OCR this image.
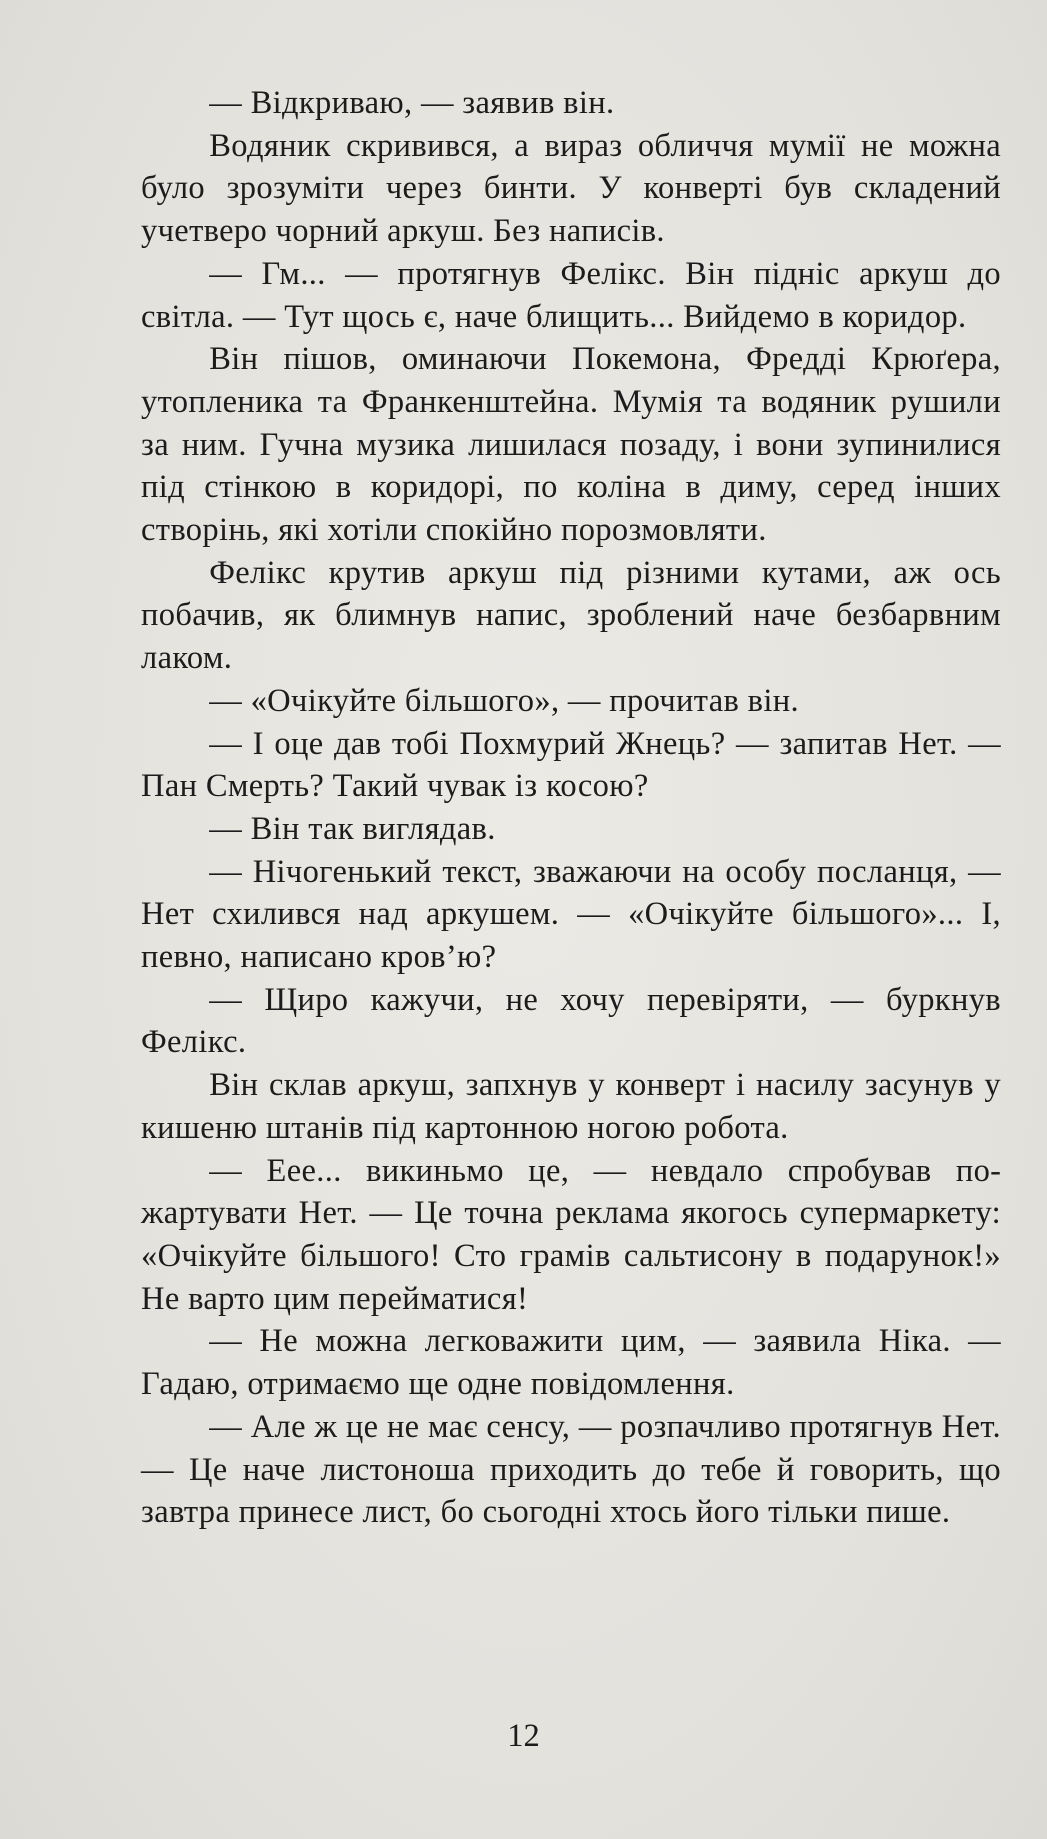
— Відкриваю, — заявив він.

Водяник скривився, а вираз обличчя мумії не можна було зрозуміти через бинти. У конверті був складений учетверо чорний аркуш. Без написів.

— Гм... — протягнув Фелікс. Він підніс аркуш до світла. — Тут щось є, наче блищить... Вийдемо в коридор.

Він пішов, оминаючи Покемона, Фредді Крюґера, утопленика та Франкенштейна. Мумія та водяник рушили за ним. Гучна музика лишилася позаду, і вони зупинилися під стінкою в коридорі, по коліна в диму, серед інших створінь, які хотіли спокійно порозмовляти.

Фелікс крутив аркуш під різними кутами, аж ось побачив, як блимнув напис, зроблений наче безбарвним лаком.

— «Очікуйте більшого», — прочитав він.

— І оце дав тобі Похмурий Жнець? — запитав Нет. — Пан Смерть? Такий чувак із косою?

— Він так виглядав.

— Нічогенький текст, зважаючи на особу посланця, — Нет схилився над аркушем. — «Очікуйте більшого»... І, певно, написано кров’ю?

— Щиро кажучи, не хочу перевіряти, — буркнув Фелікс.

Він склав аркуш, запхнув у конверт і насилу засунув у кишеню штанів під картонною ногою робота.

— Еее... викиньмо це, — невдало спробував пожартувати Нет. — Це точна реклама якогось супермаркету: «Очікуйте більшого! Сто грамів сальтисону в подарунок!» Не варто цим перейматися!

— Не можна легковажити цим, — заявила Ніка. — Гадаю, отримаємо ще одне повідомлення.

— Але ж це не має сенсу, — розпачливо протягнув Нет. — Це наче листоноша приходить до тебе й говорить, що завтра принесе лист, бо сьогодні хтось його тільки пише.

12
